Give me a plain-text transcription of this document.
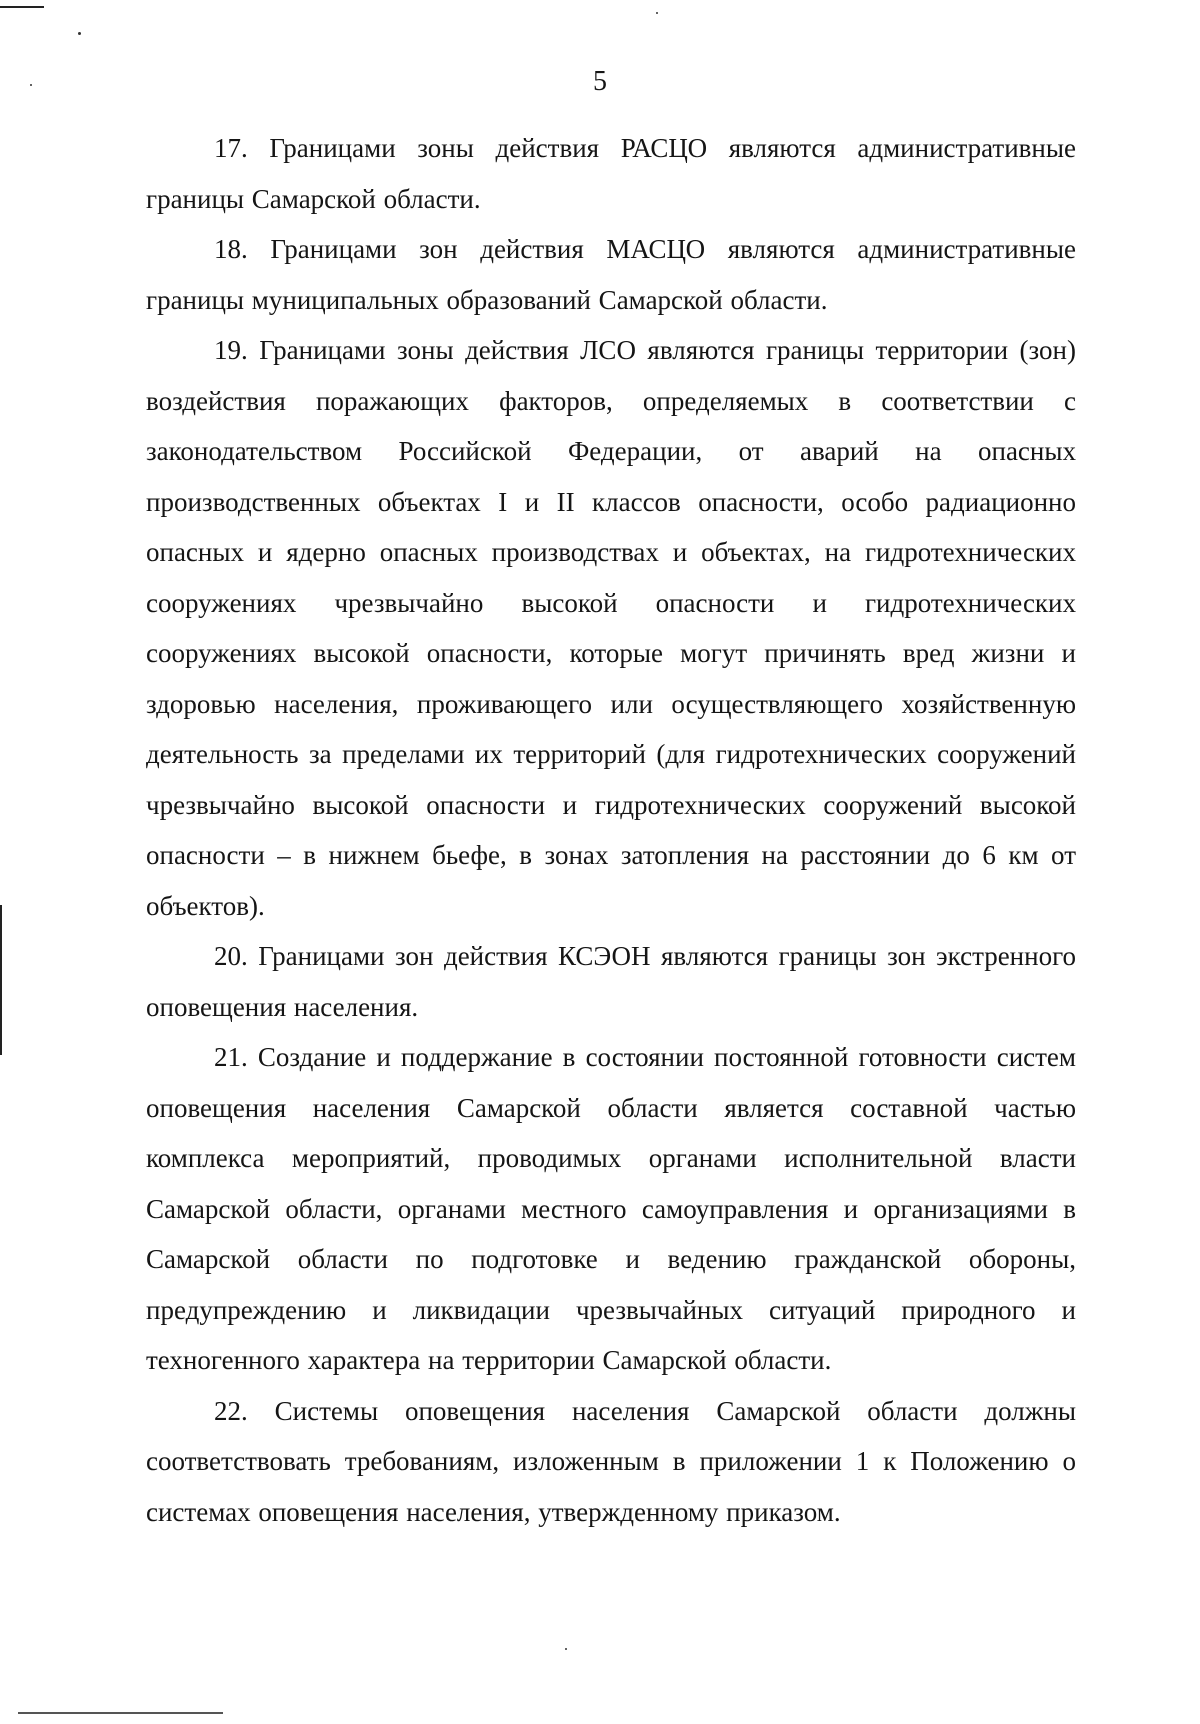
5

17. Границами зоны действия РАСЦО являются административные границы Самарской области.

18. Границами зон действия МАСЦО являются административные границы муниципальных образований Самарской области.

19. Границами зоны действия ЛСО являются границы территории (зон) воздействия поражающих факторов, определяемых в соответствии с законодательством Российской Федерации, от аварий на опасных производственных объектах I и II классов опасности, особо радиационно опасных и ядерно опасных производствах и объектах, на гидротехнических сооружениях чрезвычайно высокой опасности и гидротехнических сооружениях высокой опасности, которые могут причинять вред жизни и здоровью населения, проживающего или осуществляющего хозяйственную деятельность за пределами их территорий (для гидротехнических сооружений чрезвычайно высокой опасности и гидротехнических сооружений высокой опасности – в нижнем бьефе, в зонах затопления на расстоянии до 6 км от объектов).

20. Границами зон действия КСЭОН являются границы зон экстренного оповещения населения.

21. Создание и поддержание в состоянии постоянной готовности систем оповещения населения Самарской области является составной частью комплекса мероприятий, проводимых органами исполнительной власти Самарской области, органами местного самоуправления и организациями в Самарской области по подготовке и ведению гражданской обороны, предупреждению и ликвидации чрезвычайных ситуаций природного и техногенного характера на территории Самарской области.

22. Системы оповещения населения Самарской области должны соответствовать требованиям, изложенным в приложении 1 к Положению о системах оповещения населения, утвержденному приказом.
